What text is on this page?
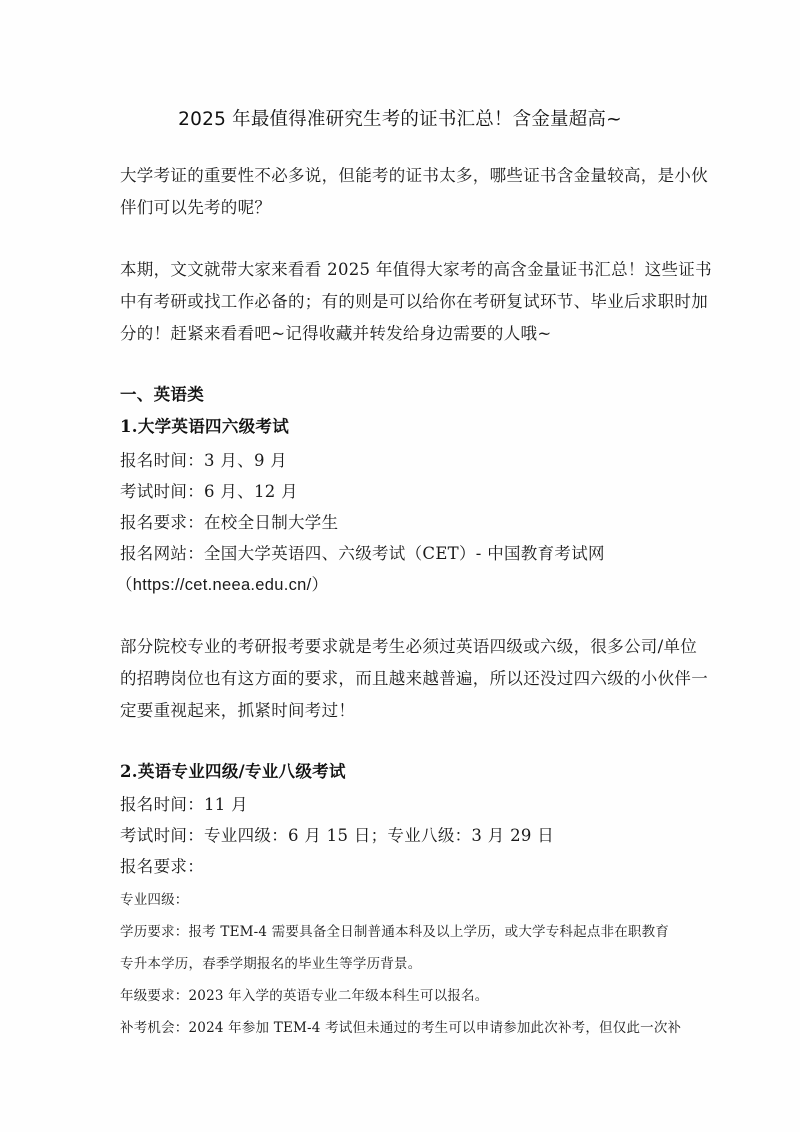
2025 年最值得准研究生考的证书汇总！含金量超高~
大学考证的重要性不必多说，但能考的证书太多，哪些证书含金量较高，是小伙
伴们可以先考的呢？
本期，文文就带大家来看看 2025 年值得大家考的高含金量证书汇总！这些证书
中有考研或找工作必备的；有的则是可以给你在考研复试环节、毕业后求职时加
分的！赶紧来看看吧~记得收藏并转发给身边需要的人哦~
一、英语类
1.大学英语四六级考试
报名时间：3 月、9 月
考试时间：6 月、12 月
报名要求：在校全日制大学生
报名网站：全国大学英语四、六级考试（CET）- 中国教育考试网
（https://cet.neea.edu.cn/）
部分院校专业的考研报考要求就是考生必须过英语四级或六级，很多公司/单位
的招聘岗位也有这方面的要求，而且越来越普遍，所以还没过四六级的小伙伴一
定要重视起来，抓紧时间考过！
2.英语专业四级/专业八级考试
报名时间：11 月
考试时间：专业四级：6 月 15 日；专业八级：3 月 29 日
报名要求：
专业四级：
学历要求：报考 TEM-4 需要具备全日制普通本科及以上学历，或大学专科起点非在职教育
专升本学历，春季学期报名的毕业生等学历背景。
年级要求：2023 年入学的英语专业二年级本科生可以报名。
补考机会：2024 年参加 TEM-4 考试但未通过的考生可以申请参加此次补考，但仅此一次补
